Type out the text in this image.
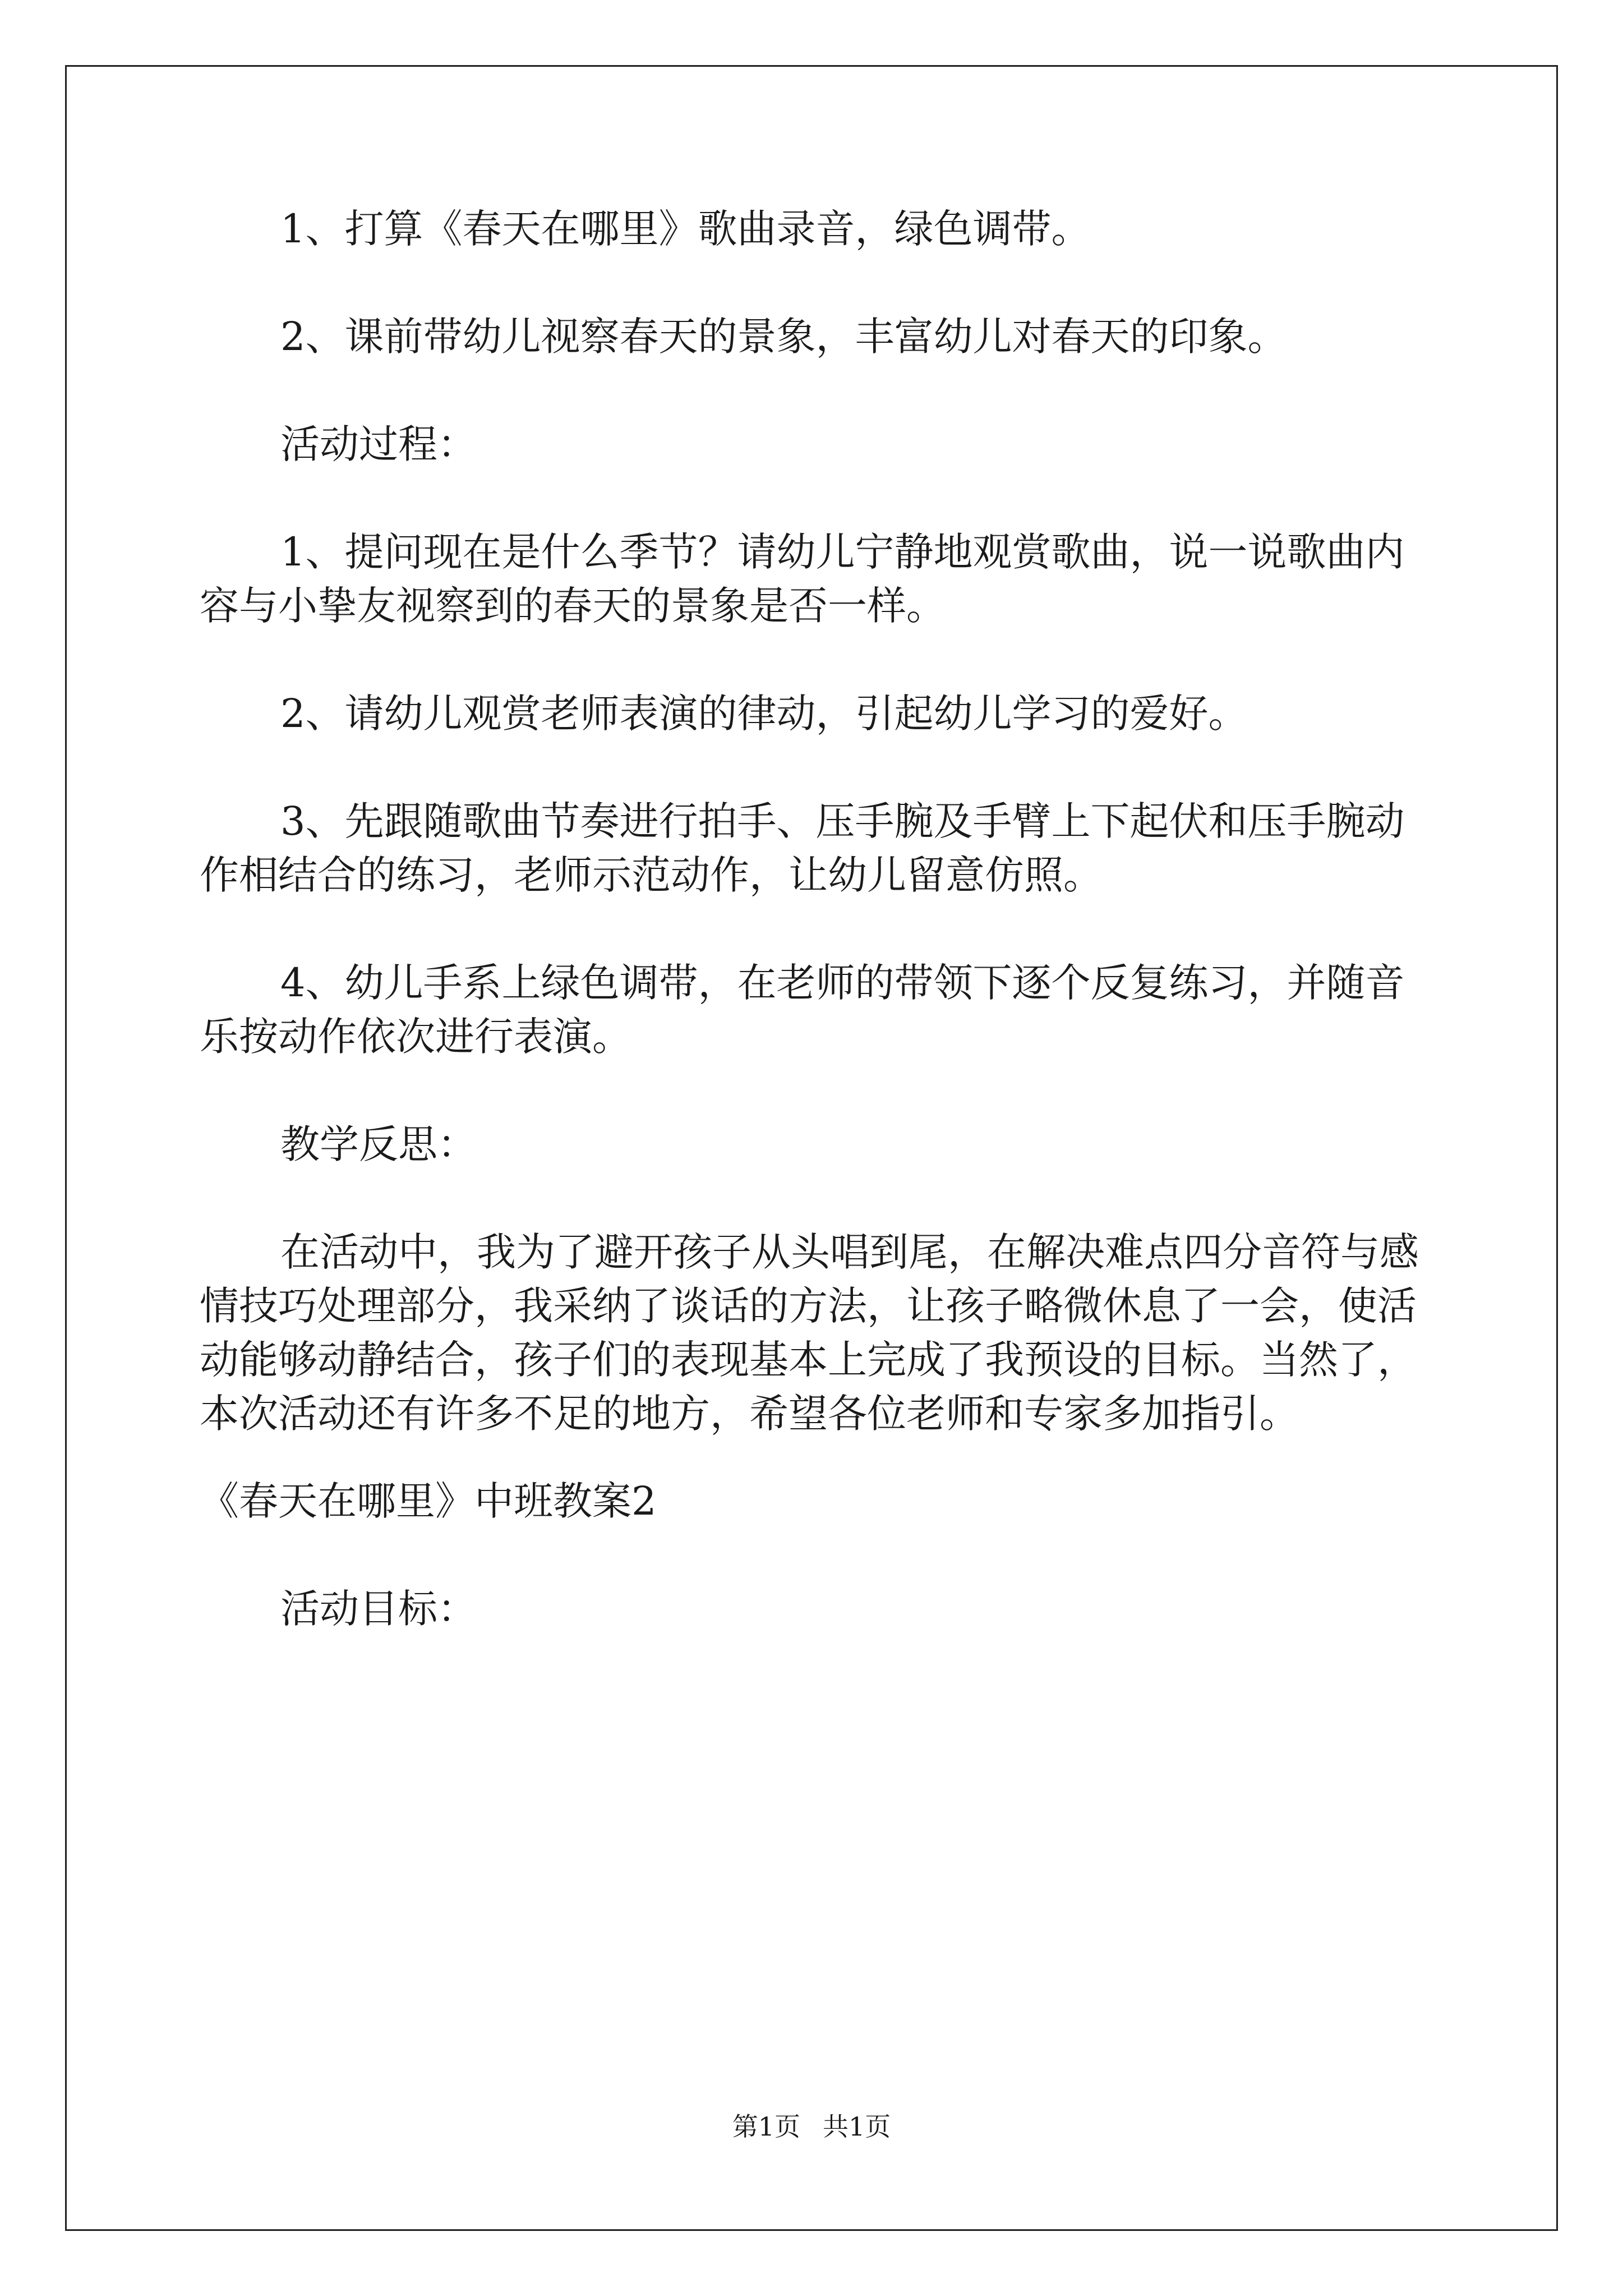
1、打算《春天在哪里》歌曲录音，绿色调带。

2、课前带幼儿视察春天的景象，丰富幼儿对春天的印象。

活动过程：

1、提问现在是什么季节？请幼儿宁静地观赏歌曲，说一说歌曲内容与小挚友视察到的春天的景象是否一样。

2、请幼儿观赏老师表演的律动，引起幼儿学习的爱好。

3、先跟随歌曲节奏进行拍手、压手腕及手臂上下起伏和压手腕动作相结合的练习，老师示范动作，让幼儿留意仿照。

4、幼儿手系上绿色调带，在老师的带领下逐个反复练习，并随音乐按动作依次进行表演。

教学反思：

在活动中，我为了避开孩子从头唱到尾，在解决难点四分音符与感情技巧处理部分，我采纳了谈话的方法，让孩子略微休息了一会，使活动能够动静结合，孩子们的表现基本上完成了我预设的目标。当然了，本次活动还有许多不足的地方，希望各位老师和专家多加指引。

《春天在哪里》中班教案2

活动目标：

第1页 共1页
